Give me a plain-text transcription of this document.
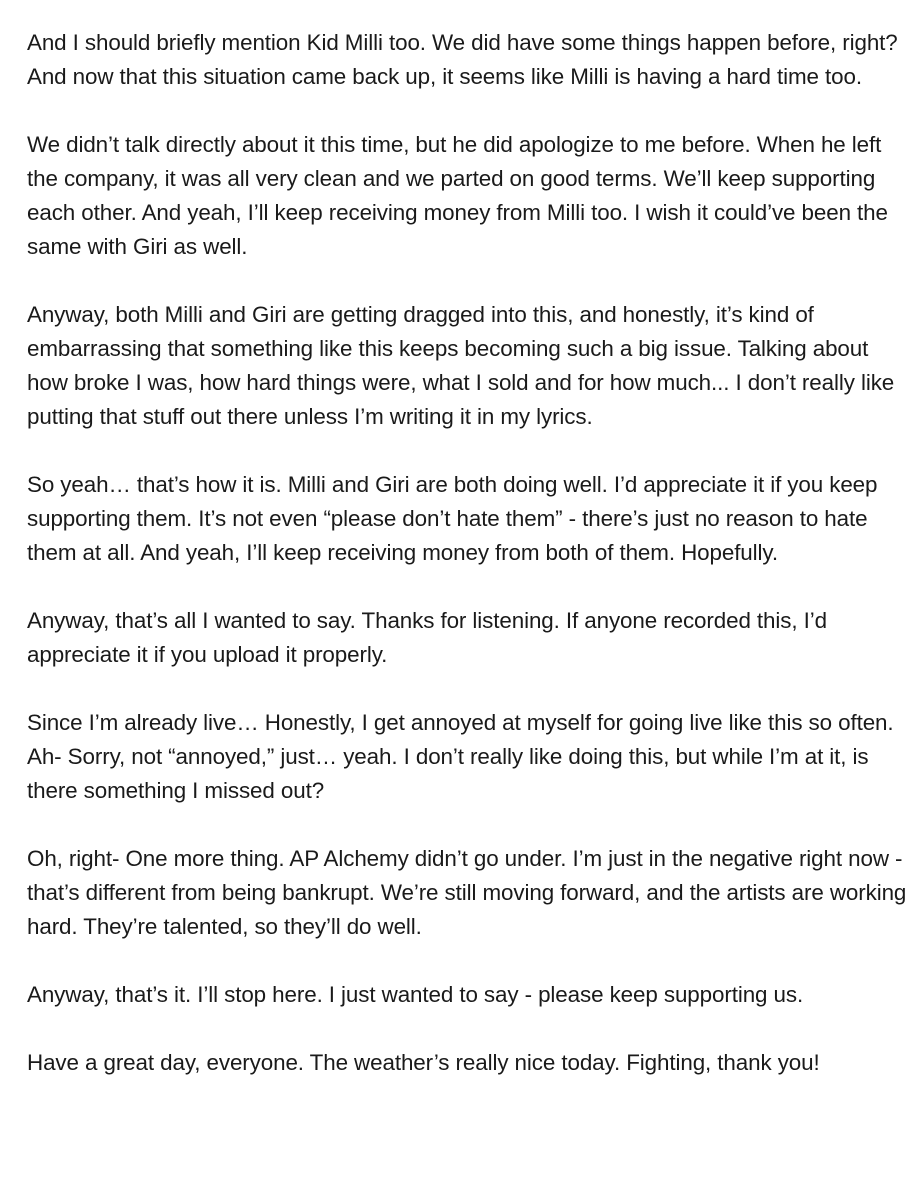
And I should briefly mention Kid Milli too. We did have some things happen before, right? And now that this situation came back up, it seems like Milli is having a hard time too.

We didn’t talk directly about it this time, but he did apologize to me before. When he left the company, it was all very clean and we parted on good terms. We’ll keep supporting each other. And yeah, I’ll keep receiving money from Milli too. I wish it could’ve been the same with Giri as well.

Anyway, both Milli and Giri are getting dragged into this, and honestly, it’s kind of embarrassing that something like this keeps becoming such a big issue. Talking about how broke I was, how hard things were, what I sold and for how much... I don’t really like putting that stuff out there unless I’m writing it in my lyrics.

So yeah… that’s how it is. Milli and Giri are both doing well. I’d appreciate it if you keep supporting them. It’s not even “please don’t hate them” - there’s just no reason to hate them at all. And yeah, I’ll keep receiving money from both of them. Hopefully.

Anyway, that’s all I wanted to say. Thanks for listening. If anyone recorded this, I’d appreciate it if you upload it properly.

Since I’m already live… Honestly, I get annoyed at myself for going live like this so often. Ah- Sorry, not “annoyed,” just… yeah. I don’t really like doing this, but while I’m at it, is there something I missed out?

Oh, right- One more thing. AP Alchemy didn’t go under. I’m just in the negative right now - that’s different from being bankrupt. We’re still moving forward, and the artists are working hard. They’re talented, so they’ll do well.

Anyway, that’s it. I’ll stop here. I just wanted to say - please keep supporting us.

Have a great day, everyone. The weather’s really nice today. Fighting, thank you!
